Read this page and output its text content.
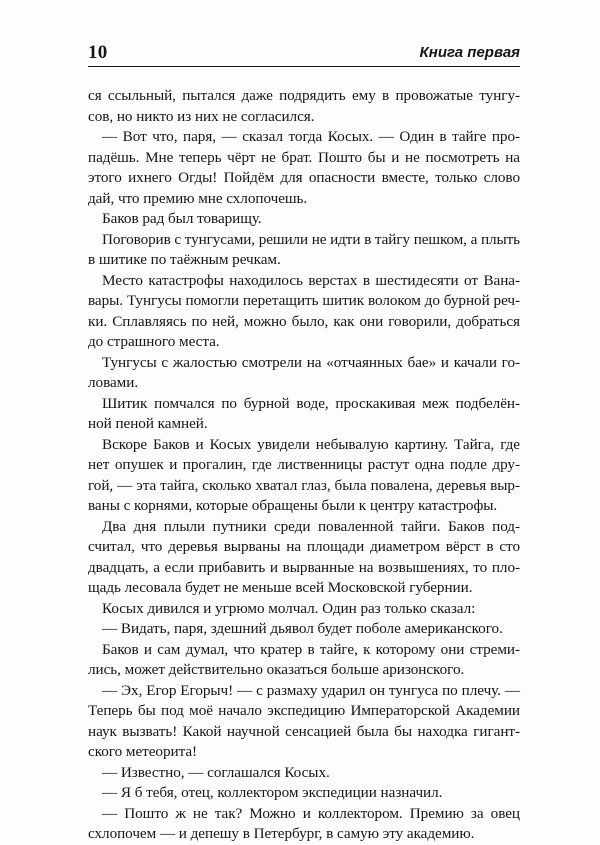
10	Книга первая
ся ссыльный, пытался даже подрядить ему в провожатые тунгу-
сов, но никто из них не согласился.
— Вот что, паря, — сказал тогда Косых. — Один в тайге про-
падёшь. Мне теперь чёрт не брат. Пошто бы и не посмотреть на
этого ихнего Огды! Пойдём для опасности вместе, только слово
дай, что премию мне схлопочешь.
Баков рад был товарищу.
Поговорив с тунгусами, решили не идти в тайгу пешком, а плыть
в шитике по таёжным речкам.
Место катастрофы находилось верстах в шестидесяти от Вана-
вары. Тунгусы помогли перетащить шитик волоком до бурной реч-
ки. Сплавляясь по ней, можно было, как они говорили, добраться
до страшного места.
Тунгусы с жалостью смотрели на «отчаянных бае» и качали го-
ловами.
Шитик помчался по бурной воде, проскакивая меж подбелён-
ной пеной камней.
Вскоре Баков и Косых увидели небывалую картину. Тайга, где
нет опушек и прогалин, где лиственницы растут одна подле дру-
гой, — эта тайга, сколько хватал глаз, была повалена, деревья выр-
ваны с корнями, которые обращены были к центру катастрофы.
Два дня плыли путники среди поваленной тайги. Баков под-
считал, что деревья вырваны на площади диаметром вёрст в сто
двадцать, а если прибавить и вырванные на возвышениях, то пло-
щадь лесовала будет не меньше всей Московской губернии.
Косых дивился и угрюмо молчал. Один раз только сказал:
— Видать, паря, здешний дьявол будет поболе американского.
Баков и сам думал, что кратер в тайге, к которому они стреми-
лись, может действительно оказаться больше аризонского.
— Эх, Егор Егорыч! — с размаху ударил он тунгуса по плечу. —
Теперь бы под моё начало экспедицию Императорской Академии
наук вызвать! Какой научной сенсацией была бы находка гигант-
ского метеорита!
— Известно, — соглашался Косых.
— Я б тебя, отец, коллектором экспедиции назначил.
— Пошто ж не так? Можно и коллектором. Премию за овец
схлопочем — и депешу в Петербург, в самую эту академию.
